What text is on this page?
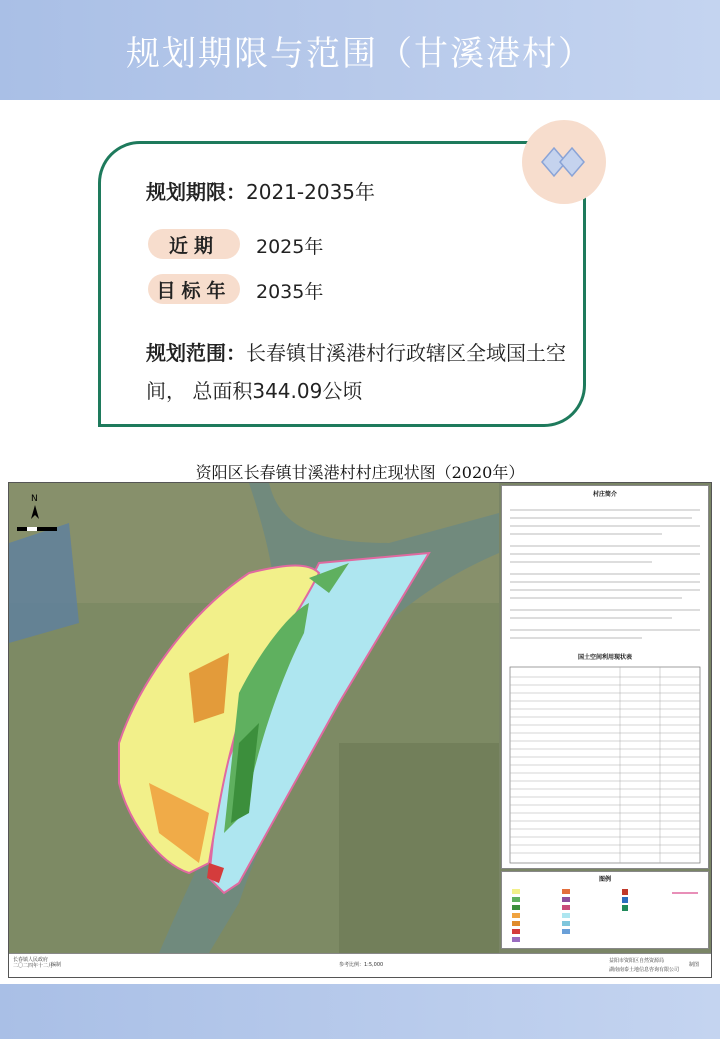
规划期限与范围（甘溪港村）
规划期限：2021-2035年
近期	2025年
目标年	2035年
规划范围：长春镇甘溪港村行政辖区全域国土空间， 总面积344.09公顷
资阳区长春镇甘溪港村村庄现状图（2020年）
N	村庄简介
国土空间利用现状表
图例
长春镇人民政府
二〇二四年十二月
编制	参考比例：1:5,000
益阳市资阳区自然资源局
湖南南泰土地信息咨询有限公司
制图
